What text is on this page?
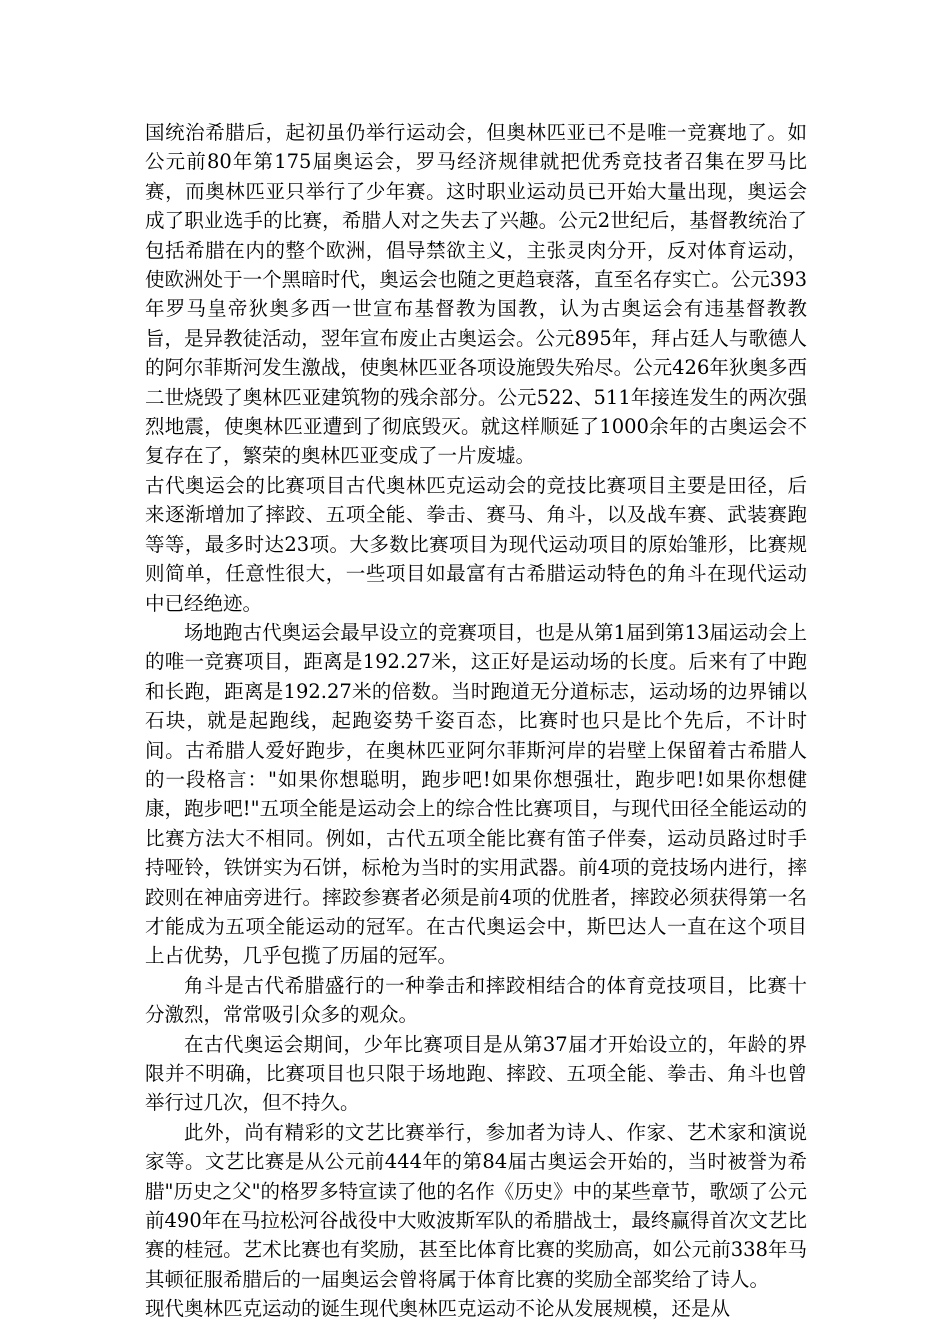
国统治希腊后，起初虽仍举行运动会，但奥林匹亚已不是唯一竞赛地了。如公元前80年第175届奥运会，罗马经济规律就把优秀竞技者召集在罗马比赛，而奥林匹亚只举行了少年赛。这时职业运动员已开始大量出现，奥运会成了职业选手的比赛，希腊人对之失去了兴趣。公元2世纪后，基督教统治了包括希腊在内的整个欧洲，倡导禁欲主义，主张灵肉分开，反对体育运动，使欧洲处于一个黑暗时代，奥运会也随之更趋衰落，直至名存实亡。公元393年罗马皇帝狄奥多西一世宣布基督教为国教，认为古奥运会有违基督教教旨，是异教徒活动，翌年宣布废止古奥运会。公元895年，拜占廷人与歌德人的阿尔菲斯河发生激战，使奥林匹亚各项设施毁失殆尽。公元426年狄奥多西二世烧毁了奥林匹亚建筑物的残余部分。公元522、511年接连发生的两次强烈地震，使奥林匹亚遭到了彻底毁灭。就这样顺延了1000余年的古奥运会不复存在了，繁荣的奥林匹亚变成了一片废墟。

古代奥运会的比赛项目古代奥林匹克运动会的竞技比赛项目主要是田径，后来逐渐增加了摔跤、五项全能、拳击、赛马、角斗，以及战车赛、武装赛跑等等，最多时达23项。大多数比赛项目为现代运动项目的原始雏形，比赛规则简单，任意性很大，一些项目如最富有古希腊运动特色的角斗在现代运动中已经绝迹。

场地跑古代奥运会最早设立的竞赛项目，也是从第1届到第13届运动会上的唯一竞赛项目，距离是192.27米，这正好是运动场的长度。后来有了中跑和长跑，距离是192.27米的倍数。当时跑道无分道标志，运动场的边界铺以石块，就是起跑线，起跑姿势千姿百态，比赛时也只是比个先后，不计时间。古希腊人爱好跑步，在奥林匹亚阿尔菲斯河岸的岩壁上保留着古希腊人的一段格言："如果你想聪明，跑步吧!如果你想强壮，跑步吧!如果你想健康，跑步吧!"五项全能是运动会上的综合性比赛项目，与现代田径全能运动的比赛方法大不相同。例如，古代五项全能比赛有笛子伴奏，运动员路过时手持哑铃，铁饼实为石饼，标枪为当时的实用武器。前4项的竞技场内进行，摔跤则在神庙旁进行。摔跤参赛者必须是前4项的优胜者，摔跤必须获得第一名才能成为五项全能运动的冠军。在古代奥运会中，斯巴达人一直在这个项目上占优势，几乎包揽了历届的冠军。

角斗是古代希腊盛行的一种拳击和摔跤相结合的体育竞技项目，比赛十分激烈，常常吸引众多的观众。

在古代奥运会期间，少年比赛项目是从第37届才开始设立的，年龄的界限并不明确，比赛项目也只限于场地跑、摔跤、五项全能、拳击、角斗也曾举行过几次，但不持久。

此外，尚有精彩的文艺比赛举行，参加者为诗人、作家、艺术家和演说家等。文艺比赛是从公元前444年的第84届古奥运会开始的，当时被誉为希腊"历史之父"的格罗多特宣读了他的名作《历史》中的某些章节，歌颂了公元前490年在马拉松河谷战役中大败波斯军队的希腊战士，最终赢得首次文艺比赛的桂冠。艺术比赛也有奖励，甚至比体育比赛的奖励高，如公元前338年马其顿征服希腊后的一届奥运会曾将属于体育比赛的奖励全部奖给了诗人。

现代奥林匹克运动的诞生现代奥林匹克运动不论从发展规模，还是从
